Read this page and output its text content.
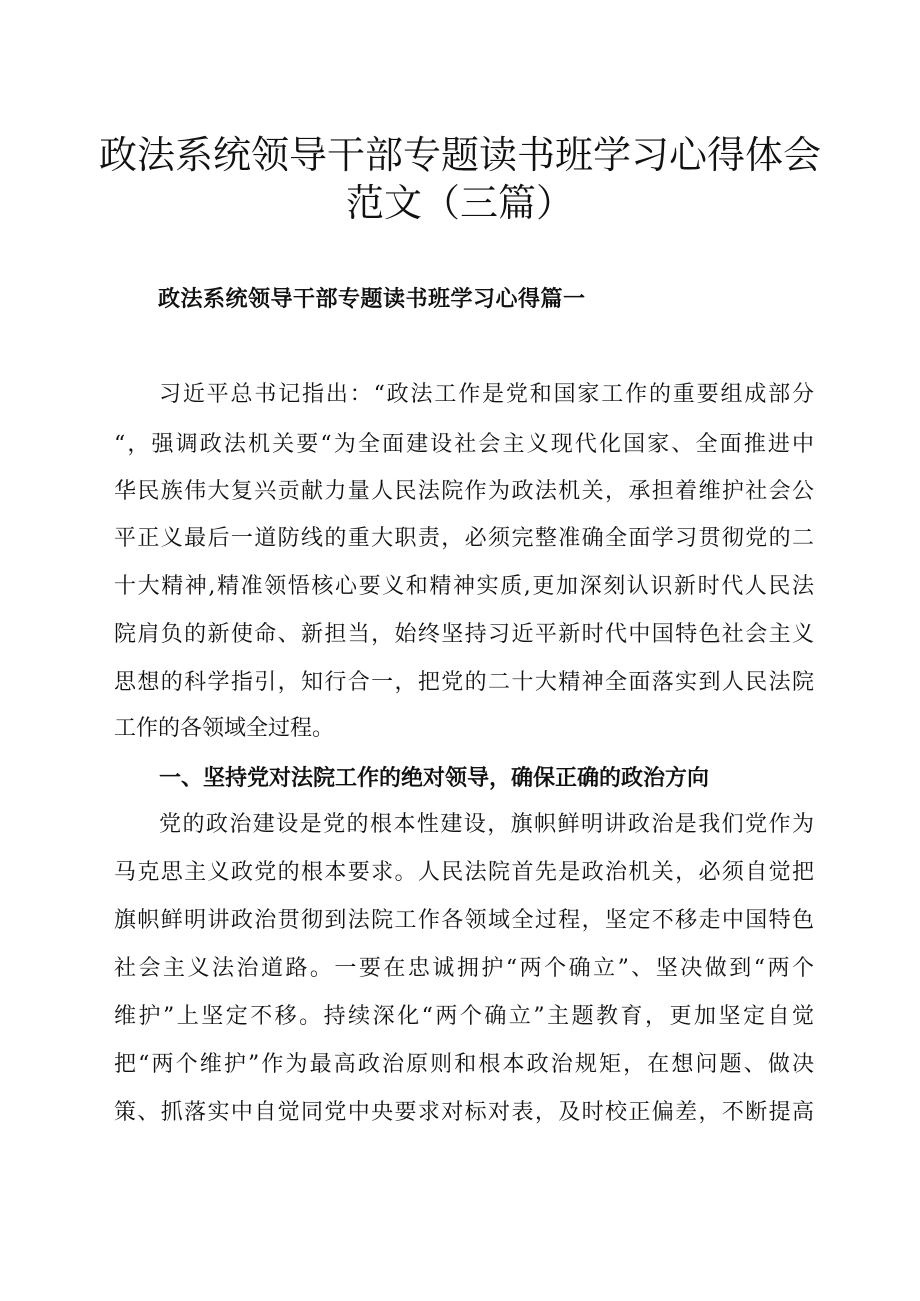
政法系统领导干部专题读书班学习心得体会
范文（三篇）
政法系统领导干部专题读书班学习心得篇一

习近平总书记指出：“政法工作是党和国家工作的重要组成部分

“，强调政法机关要“为全面建设社会主义现代化国家、全面推进中

华民族伟大复兴贡献力量人民法院作为政法机关，承担着维护社会公

平正义最后一道防线的重大职责，必须完整准确全面学习贯彻党的二

十大精神,精准领悟核心要义和精神实质,更加深刻认识新时代人民法

院肩负的新使命、新担当，始终坚持习近平新时代中国特色社会主义

思想的科学指引，知行合一，把党的二十大精神全面落实到人民法院

工作的各领域全过程。

一、坚持党对法院工作的绝对领导，确保正确的政治方向

党的政治建设是党的根本性建设，旗帜鲜明讲政治是我们党作为

马克思主义政党的根本要求。人民法院首先是政治机关，必须自觉把

旗帜鲜明讲政治贯彻到法院工作各领域全过程，坚定不移走中国特色

社会主义法治道路。一要在忠诚拥护“两个确立”、坚决做到“两个

维护”上坚定不移。持续深化“两个确立”主题教育，更加坚定自觉

把“两个维护”作为最高政治原则和根本政治规矩，在想问题、做决

策、抓落实中自觉同党中央要求对标对表，及时校正偏差，不断提高
